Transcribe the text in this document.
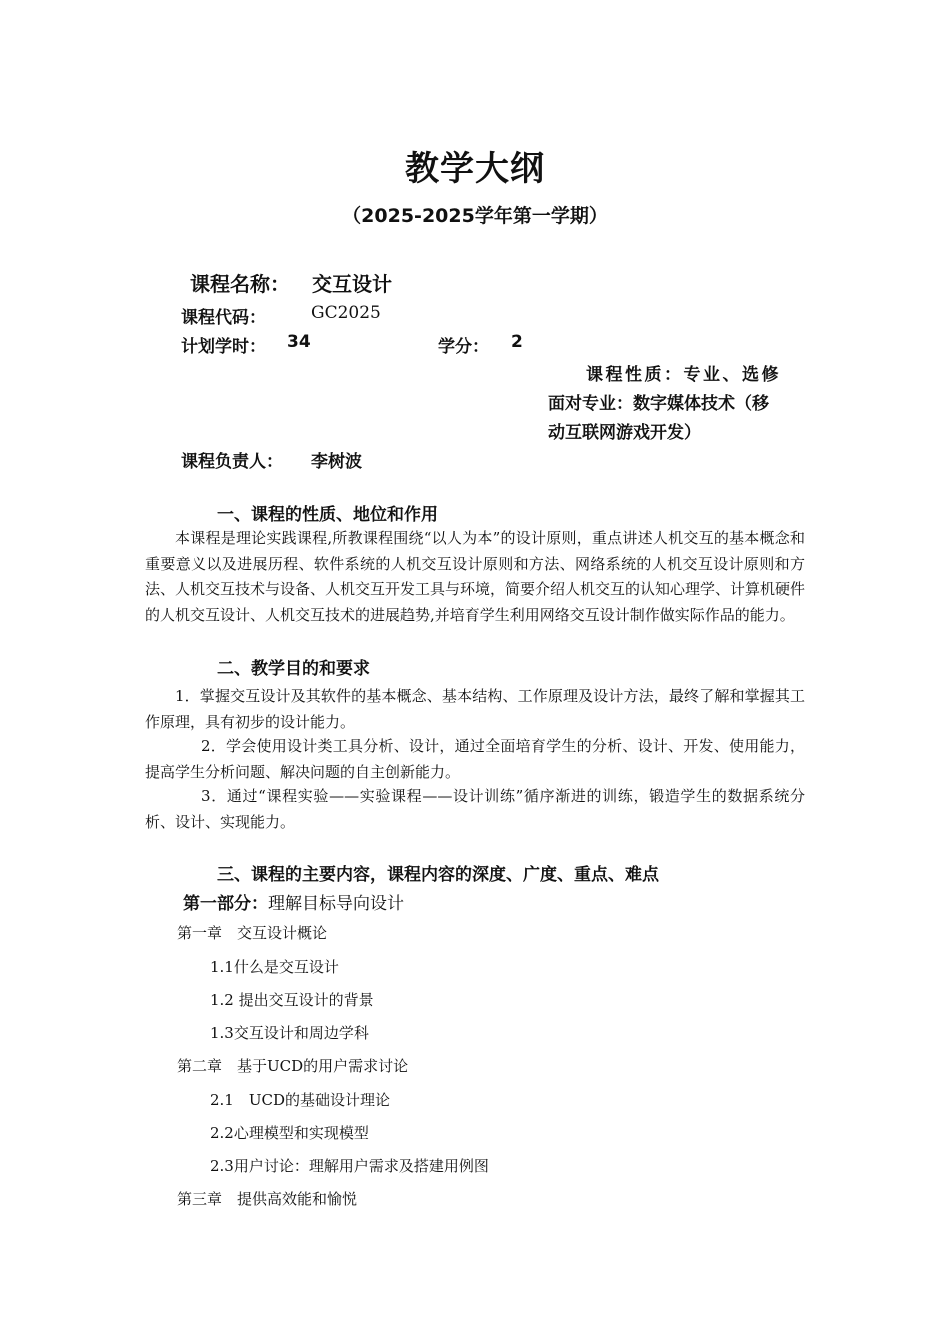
教学大纲
（2025-2025学年第一学期）
课程名称： 交互设计
课程代码：	GC2025
计划学时： 34	学分： 2
课程性质：专业、选修
面对专业：数字媒体技术（移
动互联网游戏开发）
课程负责人： 李树波
一、课程的性质、地位和作用
本课程是理论实践课程,所教课程围绕“以人为本”的设计原则，重点讲述人机交互的基本概念和重要意义以及进展历程、软件系统的人机交互设计原则和方法、网络系统的人机交互设计原则和方法、人机交互技术与设备、人机交互开发工具与环境，简要介绍人机交互的认知心理学、计算机硬件的人机交互设计、人机交互技术的进展趋势,并培育学生利用网络交互设计制作做实际作品的能力。
二、教学目的和要求
1．掌握交互设计及其软件的基本概念、基本结构、工作原理及设计方法，最终了解和掌握其工作原理，具有初步的设计能力。
2．学会使用设计类工具分析、设计，通过全面培育学生的分析、设计、开发、使用能力，提高学生分析问题、解决问题的自主创新能力。
3．通过“课程实验——实验课程——设计训练”循序渐进的训练，锻造学生的数据系统分析、设计、实现能力。
三、课程的主要内容，课程内容的深度、广度、重点、难点
第一部分：理解目标导向设计
第一章　交互设计概论
1.1什么是交互设计
1.2 提出交互设计的背景
1.3交互设计和周边学科
第二章　基于UCD的用户需求讨论
2.1　UCD的基础设计理论
2.2心理模型和实现模型
2.3用户讨论：理解用户需求及搭建用例图
第三章　提供高效能和愉悦
